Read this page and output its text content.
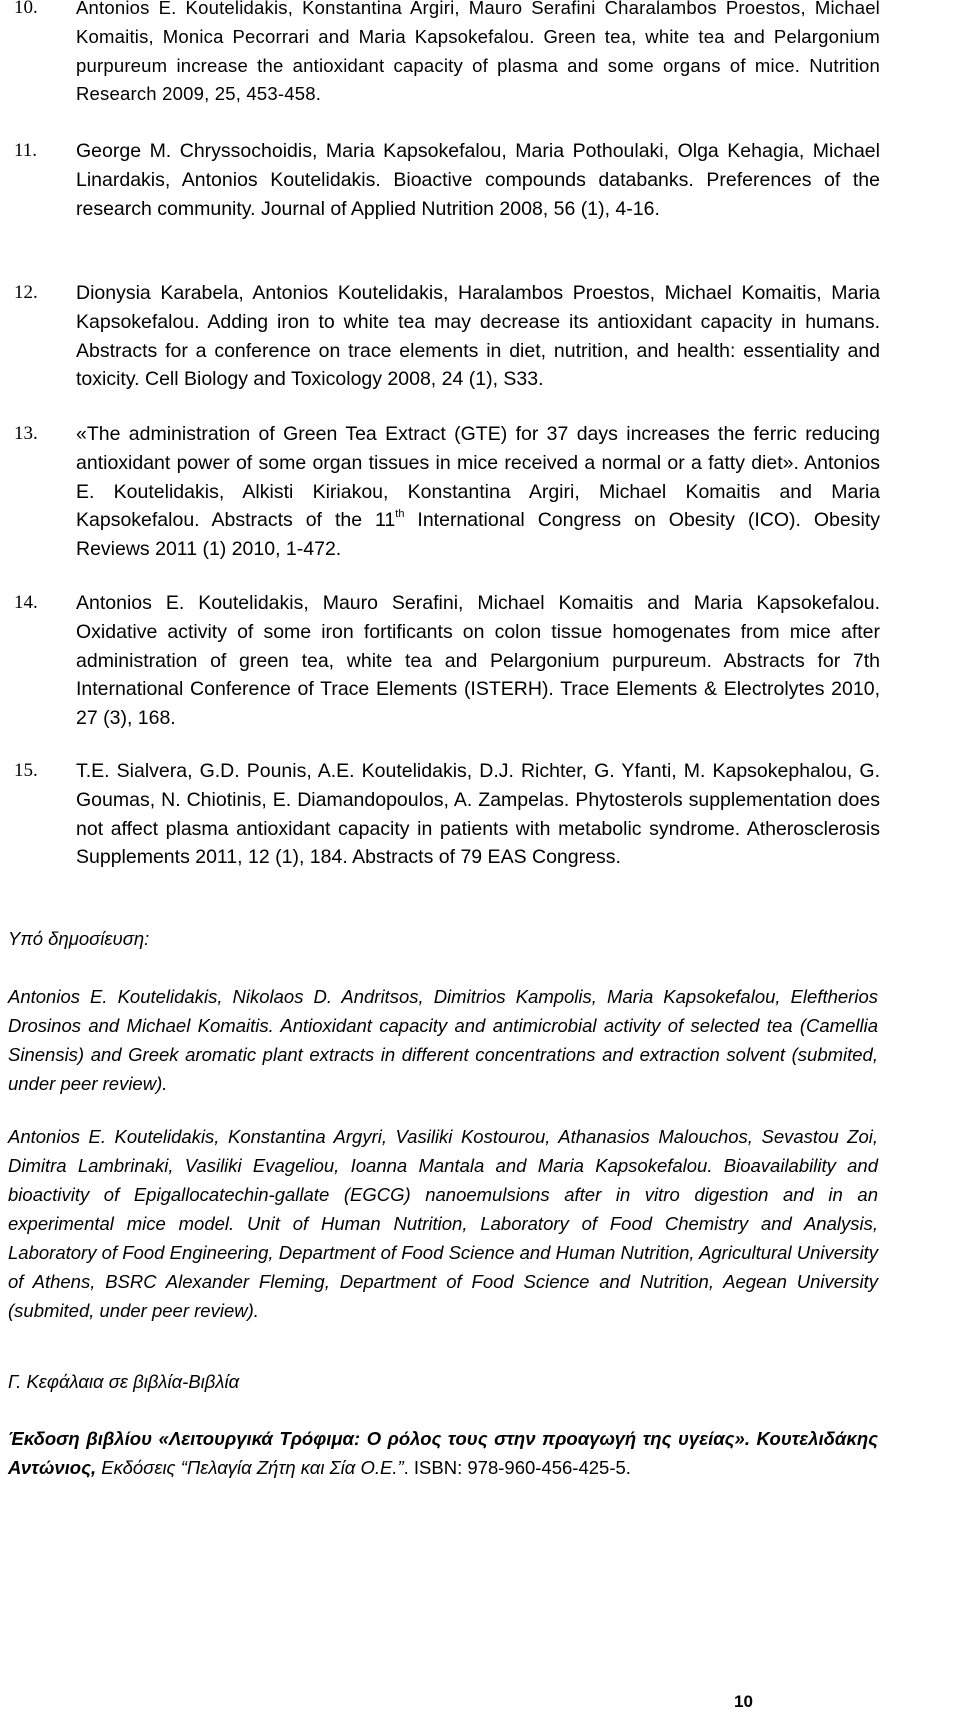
10. Antonios E. Koutelidakis, Konstantina Argiri, Mauro Serafini Charalambos Proestos, Michael Komaitis, Monica Pecorrari and Maria Kapsokefalou. Green tea, white tea and Pelargonium purpureum increase the antioxidant capacity of plasma and some organs of mice. Nutrition Research 2009, 25, 453-458.
11. George M. Chryssochoidis, Maria Kapsokefalou, Maria Pothoulaki, Olga Kehagia, Michael Linardakis, Antonios Koutelidakis. Bioactive compounds databanks. Preferences of the research community. Journal of Applied Nutrition 2008, 56 (1), 4-16.
12. Dionysia Karabela, Antonios Koutelidakis, Haralambos Proestos, Michael Komaitis, Maria Kapsokefalou. Adding iron to white tea may decrease its antioxidant capacity in humans. Abstracts for a conference on trace elements in diet, nutrition, and health: essentiality and toxicity. Cell Biology and Toxicology 2008, 24 (1), S33.
13. «The administration of Green Tea Extract (GTE) for 37 days increases the ferric reducing antioxidant power of some organ tissues in mice received a normal or a fatty diet». Antonios E. Koutelidakis, Alkisti Kiriakou, Konstantina Argiri, Michael Komaitis and Maria Kapsokefalou. Abstracts of the 11th International Congress on Obesity (ICO). Obesity Reviews 2011 (1) 2010, 1-472.
14. Antonios E. Koutelidakis, Mauro Serafini, Michael Komaitis and Maria Kapsokefalou. Oxidative activity of some iron fortificants on colon tissue homogenates from mice after administration of green tea, white tea and Pelargonium purpureum. Abstracts for 7th International Conference of Trace Elements (ISTERH). Trace Elements & Electrolytes 2010, 27 (3), 168.
15. T.E. Sialvera, G.D. Pounis, A.E. Koutelidakis, D.J. Richter, G. Yfanti, M. Kapsokephalou, G. Goumas, N. Chiotinis, E. Diamandopoulos, A. Zampelas. Phytosterols supplementation does not affect plasma antioxidant capacity in patients with metabolic syndrome. Atherosclerosis Supplements 2011, 12 (1), 184. Abstracts of 79 EAS Congress.
Υπό δημοσίευση:
Antonios E. Koutelidakis, Nikolaos D. Andritsos, Dimitrios Kampolis, Maria Kapsokefalou, Eleftherios Drosinos and Michael Komaitis. Antioxidant capacity and antimicrobial activity of selected tea (Camellia Sinensis) and Greek aromatic plant extracts in different concentrations and extraction solvent (submited, under peer review).
Antonios E. Koutelidakis, Konstantina Argyri, Vasiliki Kostourou, Athanasios Malouchos, Sevastou Zoi, Dimitra Lambrinaki, Vasiliki Evageliou, Ioanna Mantala and Maria Kapsokefalou. Bioavailability and bioactivity of Epigallocatechin-gallate (EGCG) nanoemulsions after in vitro digestion and in an experimental mice model. Unit of Human Nutrition, Laboratory of Food Chemistry and Analysis, Laboratory of Food Engineering, Department of Food Science and Human Nutrition, Agricultural University of Athens, BSRC Alexander Fleming, Department of Food Science and Nutrition, Aegean University (submited, under peer review).
Γ. Κεφάλαια σε βιβλία-Βιβλία
Έκδοση βιβλίου «Λειτουργικά Τρόφιμα: Ο ρόλος τους στην προαγωγή της υγείας». Κουτελιδάκης Αντώνιος, Εκδόσεις “Πελαγία Ζήτη και Σία Ο.Ε.”. ISBN: 978-960-456-425-5.
10
